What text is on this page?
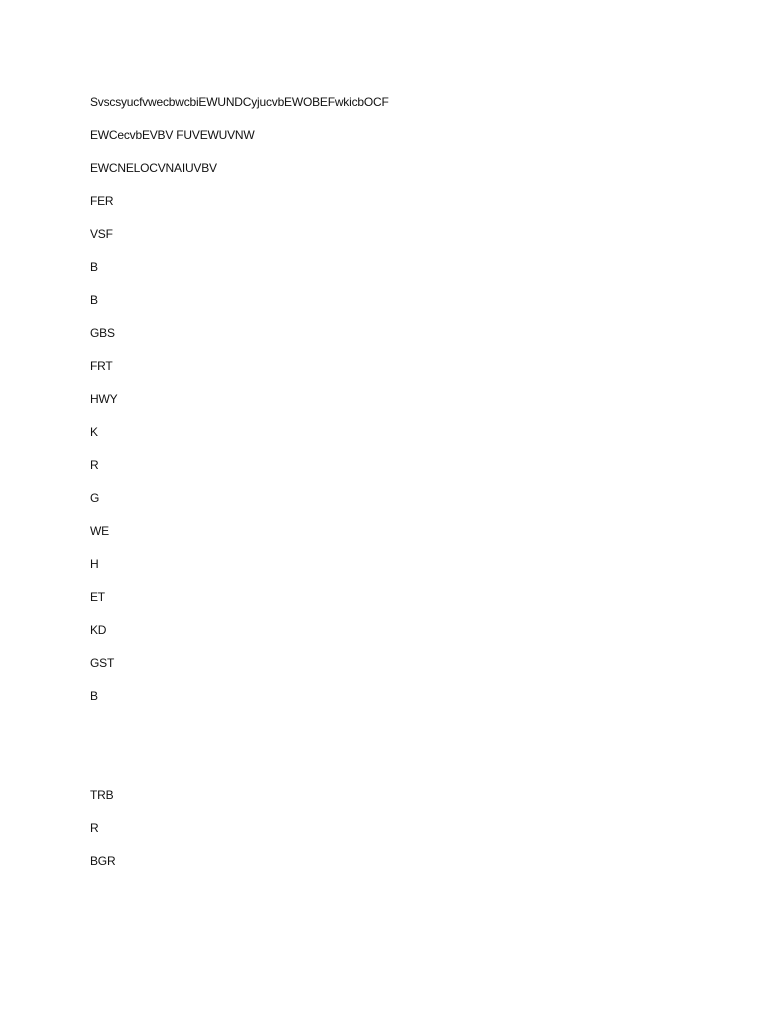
SvscsyucfvwecbwcbiEWUNDCyjucvbEWOBEFwkicbOCF
EWCecvbEVBV FUVEWUVNW
EWCNELOCVNAIUVBV
FER
VSF
B
B
GBS
FRT
HWY
K
R
G
WE
H
ET
KD
GST
B
TRB
R
BGR
